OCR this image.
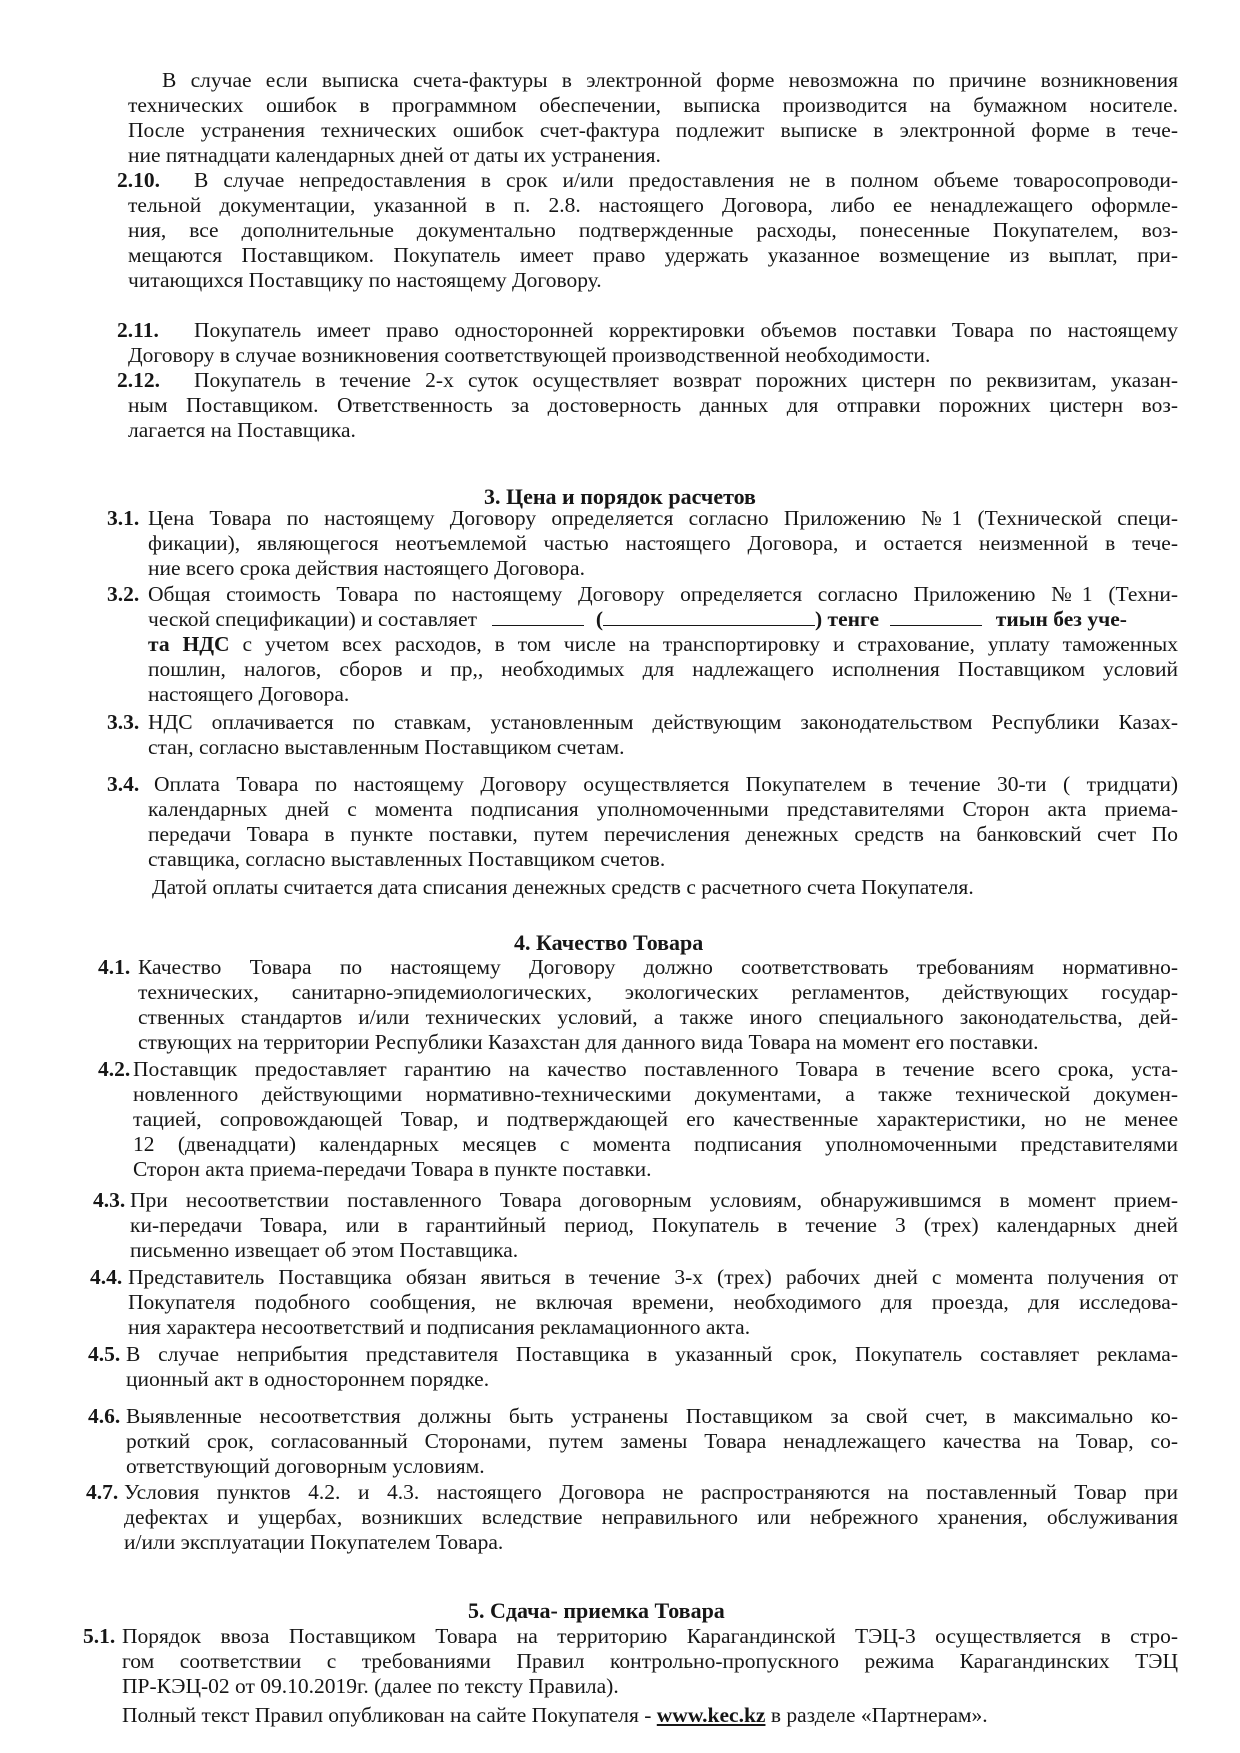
В случае если выписка счета-фактуры в электронной форме невозможна по причине возникновения
технических ошибок в программном обеспечении, выписка производится на бумажном носителе.
После устранения технических ошибок счет-фактура подлежит выписке в электронной форме в тече-
ние пятнадцати календарных дней от даты их устранения.
2.10.	В случае непредоставления в срок и/или предоставления не в полном объеме товаросопроводи-
тельной документации, указанной в п. 2.8. настоящего Договора, либо ее ненадлежащего оформле-
ния, все дополнительные документально подтвержденные расходы, понесенные Покупателем, воз-
мещаются Поставщиком. Покупатель имеет право удержать указанное возмещение из выплат, при-
читающихся Поставщику по настоящему Договору.
2.11.	Покупатель имеет право односторонней корректировки объемов поставки Товара по настоящему
Договору в случае возникновения соответствующей производственной необходимости.
2.12.	Покупатель в течение 2-х суток осуществляет возврат порожних цистерн по реквизитам, указан-
ным Поставщиком. Ответственность за достоверность данных для отправки порожних цистерн воз-
лагается на Поставщика.
3. Цена и порядок расчетов
3.1. Цена Товара по настоящему Договору определяется согласно Приложению №1 (Технической специ-
фикации), являющегося неотъемлемой частью настоящего Договора, и остается неизменной в тече-
ние всего срока действия настоящего Договора.
3.2. Общая стоимость Товара по настоящему Договору определяется согласно Приложению №1 (Техни-
ческой спецификации) и составляет	(	) тенге	тиын без уче-
та НДС с учетом всех расходов, в том числе на транспортировку и страхование, уплату таможенных
пошлин, налогов, сборов и пр,, необходимых для надлежащего исполнения Поставщиком условий
настоящего Договора.
3.3. НДС оплачивается по ставкам, установленным действующим законодательством Республики Казах-
стан, согласно выставленным Поставщиком счетам.
3.4. Оплата Товара по настоящему Договору осуществляется Покупателем в течение 30-ти ( тридцати)
календарных дней с момента подписания уполномоченными представителями Сторон акта приема-
передачи Товара в пункте поставки, путем перечисления денежных средств на банковский счет По
ставщика, согласно выставленных Поставщиком счетов.
Датой оплаты считается дата списания денежных средств с расчетного счета Покупателя.
4. Качество Товара
4.1. Качество Товара по настоящему Договору должно соответствовать требованиям нормативно-
технических, санитарно-эпидемиологических, экологических регламентов, действующих государ-
ственных стандартов и/или технических условий, а также иного специального законодательства, дей-
ствующих на территории Республики Казахстан для данного вида Товара на момент его поставки.
4.2. Поставщик предоставляет гарантию на качество поставленного Товара в течение всего срока, уста-
новленного действующими нормативно-техническими документами, а также технической докумен-
тацией, сопровождающей Товар, и подтверждающей его качественные характеристики, но не менее
12 (двенадцати) календарных месяцев с момента подписания уполномоченными представителями
Сторон акта приема-передачи Товара в пункте поставки.
4.3. При несоответствии поставленного Товара договорным условиям, обнаружившимся в момент прием-
ки-передачи Товара, или в гарантийный период, Покупатель в течение 3 (трех) календарных дней
письменно извещает об этом Поставщика.
4.4. Представитель Поставщика обязан явиться в течение 3-х (трех) рабочих дней с момента получения от
Покупателя подобного сообщения, не включая времени, необходимого для проезда, для исследова-
ния характера несоответствий и подписания рекламационного акта.
4.5. В случае неприбытия представителя Поставщика в указанный срок, Покупатель составляет реклама-
ционный акт в одностороннем порядке.
4.6. Выявленные несоответствия должны быть устранены Поставщиком за свой счет, в максимально ко-
роткий срок, согласованный Сторонами, путем замены Товара ненадлежащего качества на Товар, со-
ответствующий договорным условиям.
4.7. Условия пунктов 4.2. и 4.3. настоящего Договора не распространяются на поставленный Товар при
дефектах и ущербах, возникших вследствие неправильного или небрежного хранения, обслуживания
и/или эксплуатации Покупателем Товара.
5. Сдача- приемка Товара
5.1. Порядок ввоза Поставщиком Товара на территорию Карагандинской ТЭЦ-3 осуществляется в стро-
гом соответствии с требованиями Правил контрольно-пропускного режима Карагандинских ТЭЦ
ПР-КЭЦ-02 от 09.10.2019г. (далее по тексту Правила).
Полный текст Правил опубликован на сайте Покупателя - www.kec.kz в разделе «Партнерам».
